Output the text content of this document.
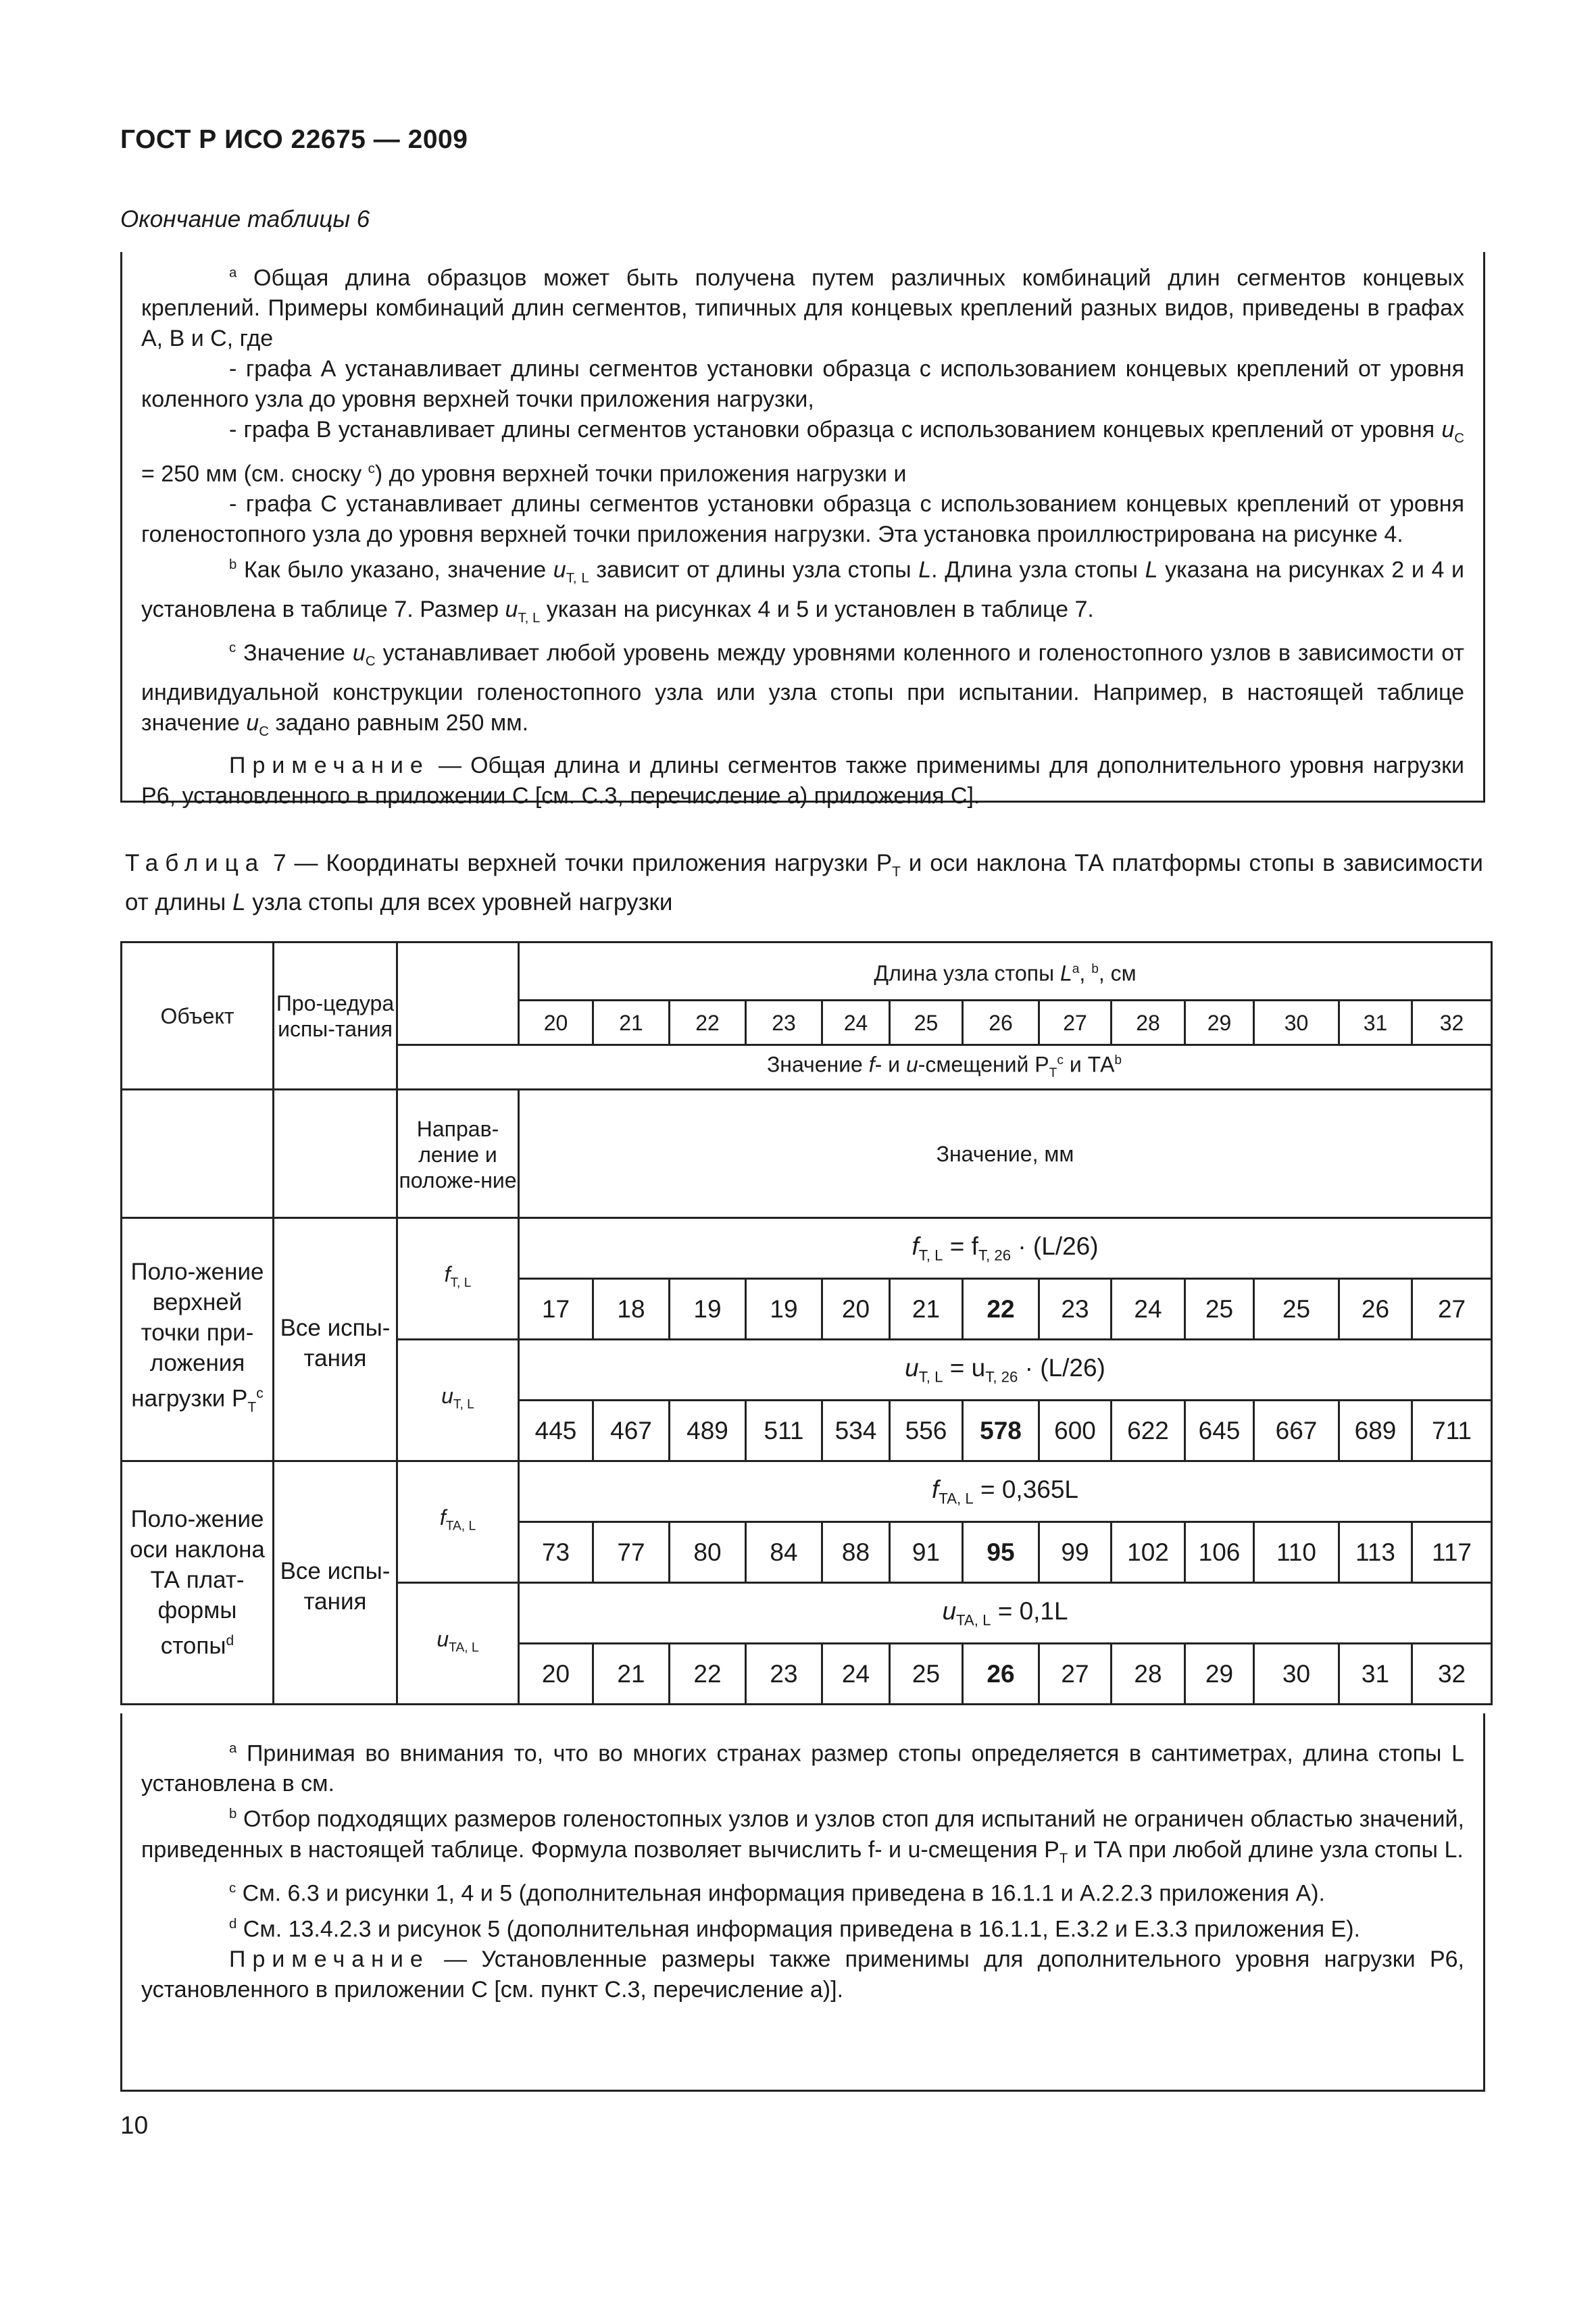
ГОСТ Р ИСО 22675 — 2009
Окончание таблицы 6

$^a$ Общая длина образцов может быть получена путем различных комбинаций длин сегментов концевых креплений. Примеры комбинаций длин сегментов, типичных для концевых креплений разных видов, приведены в графах А, В и С, где

- графа А устанавливает длины сегментов установки образца с использованием концевых креплений от уровня коленного узла до уровня верхней точки приложения нагрузки,

- графа В устанавливает длины сегментов установки образца с использованием концевых креплений от уровня $u_C = 250$ мм (см. сноску $^c$) до уровня верхней точки приложения нагрузки и

- графа С устанавливает длины сегментов установки образца с использованием концевых креплений от уровня голеностопного узла до уровня верхней точки приложения нагрузки. Эта установка проиллюстрирована на рисунке 4.

$^b$ Как было указано, значение $u_{T, L}$ зависит от длины узла стопы L. Длина узла стопы L указана на рисунках 2 и 4 и установлена в таблице 7. Размер $u_{T, L}$ указан на рисунках 4 и 5 и установлен в таблице 7.

$^c$ Значение $u_C$ устанавливает любой уровень между уровнями коленного и голеностопного узлов в зависимости от индивидуальной конструкции голеностопного узла или узла стопы при испытании. Например, в настоящей таблице значение $u_C$ задано равным 250 мм.

Примечание — Общая длина и длины сегментов также применимы для дополнительного уровня нагрузки Р6, установленного в приложении С [см. С.3, перечисление а) приложения С].

Таблица 7 — Координаты верхней точки приложения нагрузки $Р_T$ и оси наклона ТА платформы стопы в зависимости от длины L узла стопы для всех уровней нагрузки
Объект	Про-цедура испы-тания		Длина узла стопы $L^a$, $^b$, см												
			20	21	22	23	24	25	26	27	28	29	30	31	32
		Значение f- и u-смещений $Р_T^c$ и $ТА^b$
		Направ-ление и положе-ние	Значение, мм												
Поло-жение верхней точки при-ложения нагрузки $Р_T^c$	Все испы-тания	$f_{T, L}$	$f_{T, L} = f_{T, 26} \cdot (L/26)$												
			17	18	19	19	20	21	22	23	24	25	25	26	27
		$u_{T, L}$	$u_{T, L} = u_{T, 26} \cdot (L/26)$												
			445	467	489	511	534	556	578	600	622	645	667	689	711
Поло-жение оси наклона ТА плат-формы стопы$^d$	Все испы-тания	$f_{TA, L}$	$f_{TA, L} = 0,365L$												
			73	77	80	84	88	91	95	99	102	106	110	113	117
		$u_{TA, L}$	$u_{TA, L} = 0,1L$												
			20	21	22	23	24	25	26	27	28	29	30	31	32

$^a$ Принимая во внимания то, что во многих странах размер стопы определяется в сантиметрах, длина стопы L установлена в см.

$^b$ Отбор подходящих размеров голеностопных узлов и узлов стоп для испытаний не ограничен областью значений, приведенных в настоящей таблице. Формула позволяет вычислить f- и u-смещения $Р_T$ и ТА при любой длине узла стопы L.

$^c$ См. 6.3 и рисунки 1, 4 и 5 (дополнительная информация приведена в 16.1.1 и А.2.2.3 приложения А).

$^d$ См. 13.4.2.3 и рисунок 5 (дополнительная информация приведена в 16.1.1, Е.3.2 и Е.3.3 приложения Е).

Примечание — Установленные размеры также применимы для дополнительного уровня нагрузки Р6, установленного в приложении С [см. пункт С.3, перечисление а)].

10
